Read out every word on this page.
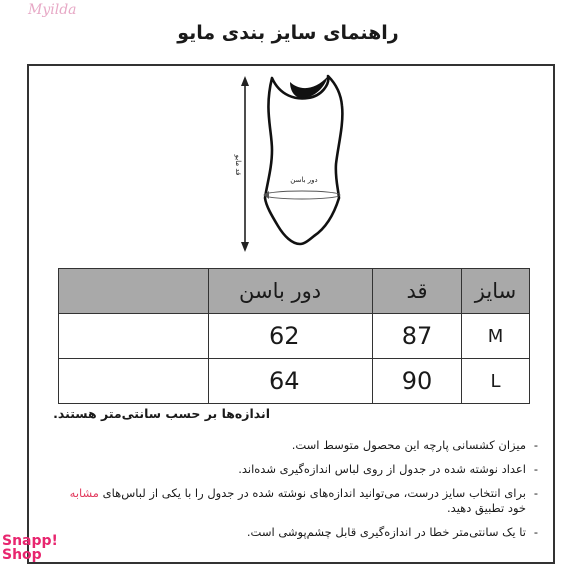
Myilda
راهنمای سایز بندی مایو
قد مایو
دور باسن
سایز	قد	دور باسن	
M	87	62	
L	90	64	
اندازه‌ها بر حسب سانتی‌متر هستند.
- میزان کشسانی پارچه این محصول متوسط است.
- اعداد نوشته شده در جدول از روی لباس اندازه‌گیری شده‌اند.
- برای انتخاب سایز درست، می‌توانید اندازه‌های نوشته شده در جدول را با یکی از لباس‌های مشابه خود تطبیق دهید.
- تا یک سانتی‌متر خطا در اندازه‌گیری قابل چشم‌پوشی است.
Snapp!
Shop
